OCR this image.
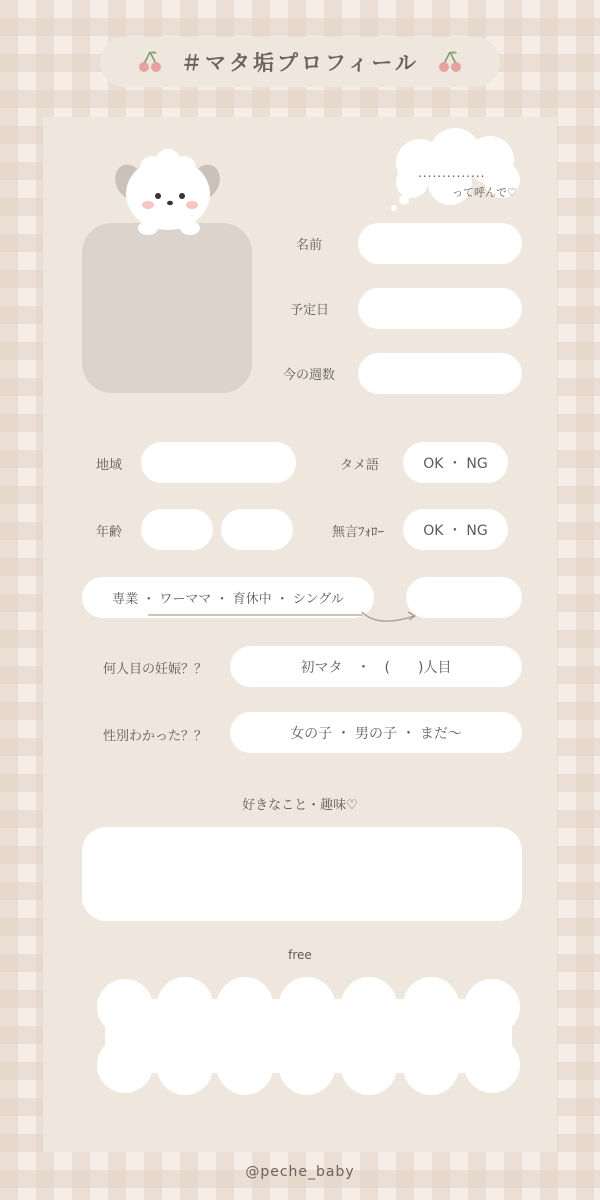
＃マタ垢プロフィール
..............
って呼んで♡
名前
予定日
今の週数
地域	タメ語	OK ・ NG
年齢	無言ﾌｫﾛｰ	OK ・ NG
専業 ・ ワーママ ・ 育休中 ・ シングル
何人目の妊娠？？	初マタ　・　(　　)人目
性別わかった？？	女の子 ・ 男の子 ・ まだ〜
好きなこと・趣味♡
free
@peche_baby
